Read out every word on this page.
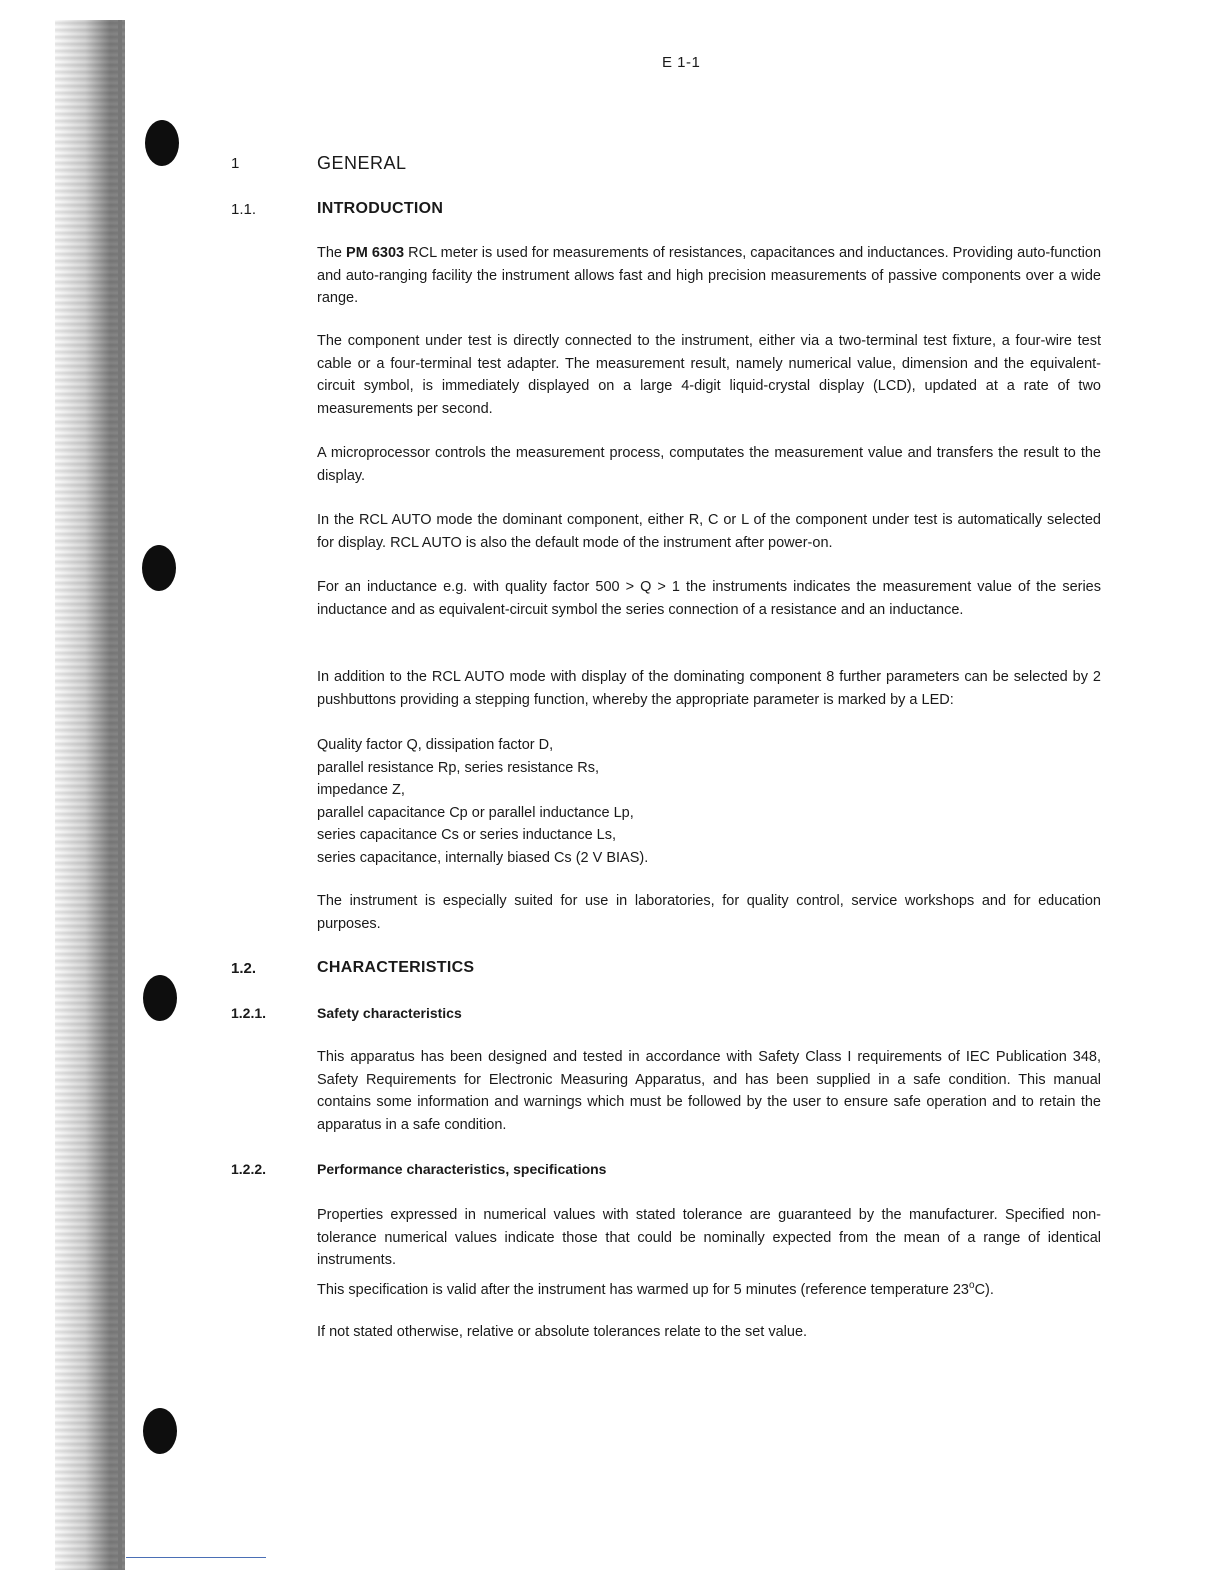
E 1-1
1	GENERAL
1.1.	INTRODUCTION

The PM 6303 RCL meter is used for measurements of resistances, capacitances and inductances. Providing auto-function and auto-ranging facility the instrument allows fast and high precision measurements of passive components over a wide range.

The component under test is directly connected to the instrument, either via a two-terminal test fixture, a four-wire test cable or a four-terminal test adapter. The measurement result, namely numerical value, dimension and the equivalent-circuit symbol, is immediately displayed on a large 4-digit liquid-crystal display (LCD), updated at a rate of two measurements per second.

A microprocessor controls the measurement process, computates the measurement value and transfers the result to the display.

In the RCL AUTO mode the dominant component, either R, C or L of the component under test is automatically selected for display. RCL AUTO is also the default mode of the instrument after power-on.

For an inductance e.g. with quality factor 500 > Q > 1 the instruments indicates the measurement value of the series inductance and as equivalent-circuit symbol the series connection of a resistance and an inductance.

In addition to the RCL AUTO mode with display of the dominating component 8 further parameters can be selected by 2 pushbuttons providing a stepping function, whereby the appropriate parameter is marked by a LED:

Quality factor Q, dissipation factor D,
parallel resistance Rp, series resistance Rs,
impedance Z,
parallel capacitance Cp or parallel inductance Lp,
series capacitance Cs or series inductance Ls,
series capacitance, internally biased Cs (2 V BIAS).

The instrument is especially suited for use in laboratories, for quality control, service workshops and for education purposes.

1.2.	CHARACTERISTICS
1.2.1.	Safety characteristics

This apparatus has been designed and tested in accordance with Safety Class I requirements of IEC Publication 348, Safety Requirements for Electronic Measuring Apparatus, and has been supplied in a safe condition. This manual contains some information and warnings which must be followed by the user to ensure safe operation and to retain the apparatus in a safe condition.

1.2.2.	Performance characteristics, specifications

Properties expressed in numerical values with stated tolerance are guaranteed by the manufacturer. Specified non-tolerance numerical values indicate those that could be nominally expected from the mean of a range of identical instruments.

This specification is valid after the instrument has warmed up for 5 minutes (reference temperature 23$^o$C).

If not stated otherwise, relative or absolute tolerances relate to the set value.
